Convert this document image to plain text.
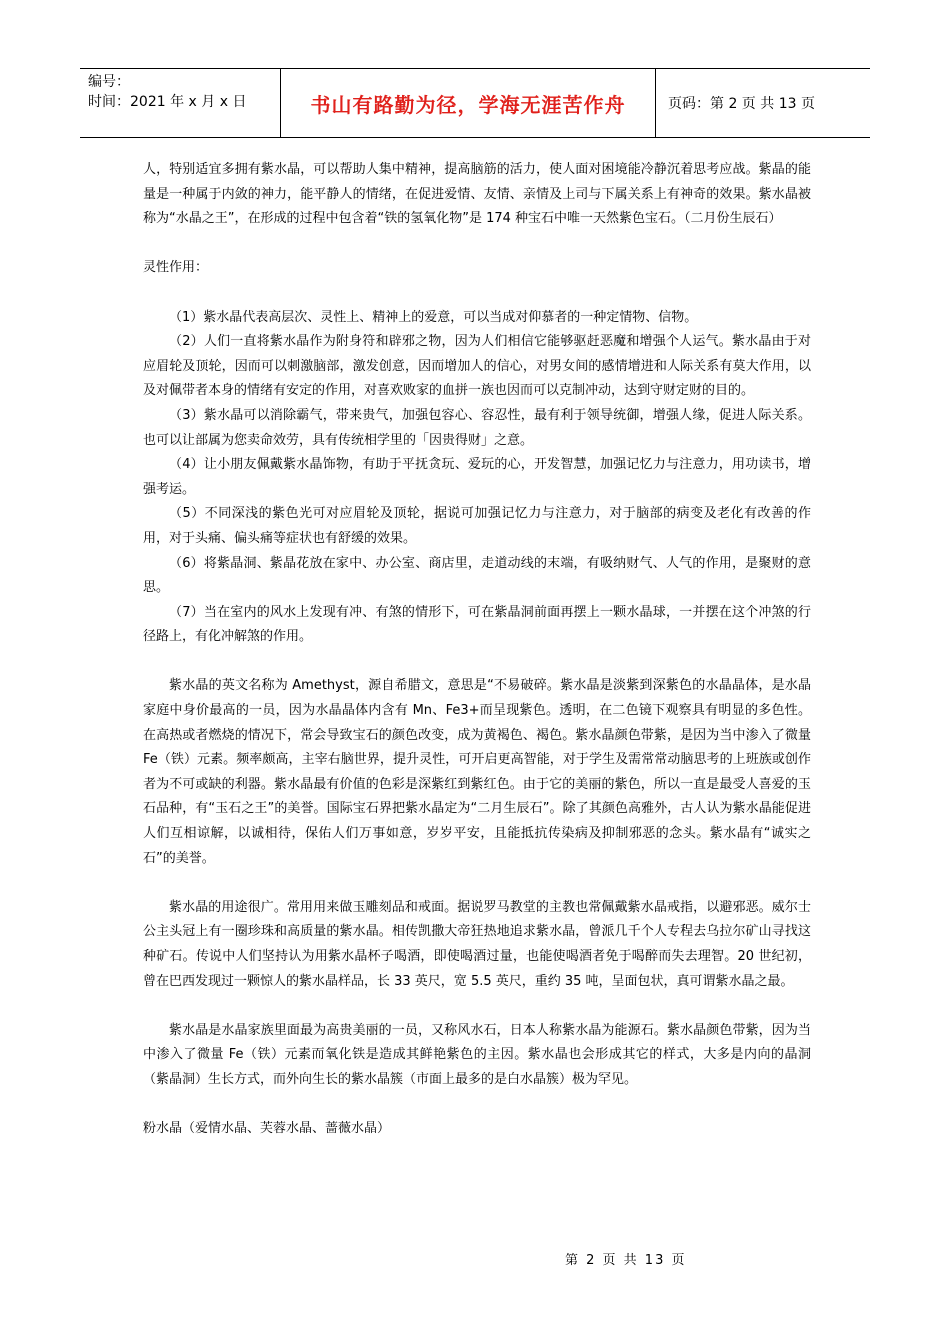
编号：
时间：2021 年 x 月 x 日	书山有路勤为径，学海无涯苦作舟	页码：第 2 页 共 13 页

人，特别适宜多拥有紫水晶，可以帮助人集中精神，提高脑筋的活力，使人面对困境能冷静沉着思考应战。紫晶的能量是一种属于内敛的神力，能平静人的情绪，在促进爱情、友情、亲情及上司与下属关系上有神奇的效果。紫水晶被称为“水晶之王”，在形成的过程中包含着“铁的氢氧化物”是 174 种宝石中唯一天然紫色宝石。（二月份生辰石）

灵性作用：

（1）紫水晶代表高层次、灵性上、精神上的爱意，可以当成对仰慕者的一种定情物、信物。

（2）人们一直将紫水晶作为附身符和辟邪之物，因为人们相信它能够驱赶恶魔和增强个人运气。紫水晶由于对应眉轮及顶轮，因而可以刺激脑部，激发创意，因而增加人的信心，对男女间的感情增进和人际关系有莫大作用，以及对佩带者本身的情绪有安定的作用，对喜欢败家的血拼一族也因而可以克制冲动，达到守财定财的目的。

（3）紫水晶可以消除霸气，带来贵气，加强包容心、容忍性，最有利于领导统御，增强人缘，促进人际关系。也可以让部属为您卖命效劳，具有传统相学里的「因贵得财」之意。

（4）让小朋友佩戴紫水晶饰物，有助于平抚贪玩、爱玩的心，开发智慧，加强记忆力与注意力，用功读书，增强考运。

（5）不同深浅的紫色光可对应眉轮及顶轮，据说可加强记忆力与注意力，对于脑部的病变及老化有改善的作用，对于头痛、偏头痛等症状也有舒缓的效果。

（6）将紫晶洞、紫晶花放在家中、办公室、商店里，走道动线的末端，有吸纳财气、人气的作用，是聚财的意思。

（7）当在室内的风水上发现有冲、有煞的情形下，可在紫晶洞前面再摆上一颗水晶球，一并摆在这个冲煞的行径路上，有化冲解煞的作用。

紫水晶的英文名称为 Amethyst，源自希腊文，意思是“不易破碎。紫水晶是淡紫到深紫色的水晶晶体，是水晶家庭中身价最高的一员，因为水晶晶体内含有 Mn、Fe3+而呈现紫色。透明，在二色镜下观察具有明显的多色性。在高热或者燃烧的情况下，常会导致宝石的颜色改变，成为黄褐色、褐色。紫水晶颜色带紫，是因为当中渗入了微量 Fe（铁）元素。频率颇高，主宰右脑世界，提升灵性，可开启更高智能，对于学生及需常常动脑思考的上班族或创作者为不可或缺的利器。紫水晶最有价值的色彩是深紫红到紫红色。由于它的美丽的紫色，所以一直是最受人喜爱的玉石品种，有“玉石之王”的美誉。国际宝石界把紫水晶定为“二月生辰石”。除了其颜色高雅外，古人认为紫水晶能促进人们互相谅解，以诚相待，保佑人们万事如意，岁岁平安，且能抵抗传染病及抑制邪恶的念头。紫水晶有“诚实之石”的美誉。

紫水晶的用途很广。常用用来做玉雕刻品和戒面。据说罗马教堂的主教也常佩戴紫水晶戒指，以避邪恶。威尔士公主头冠上有一圈珍珠和高质量的紫水晶。相传凯撒大帝狂热地追求紫水晶，曾派几千个人专程去乌拉尔矿山寻找这种矿石。传说中人们坚持认为用紫水晶杯子喝酒，即使喝酒过量，也能使喝酒者免于喝醉而失去理智。20 世纪初，曾在巴西发现过一颗惊人的紫水晶样品，长 33 英尺，宽 5.5 英尺，重约 35 吨，呈面包状，真可谓紫水晶之最。

紫水晶是水晶家族里面最为高贵美丽的一员，又称风水石，日本人称紫水晶为能源石。紫水晶颜色带紫，因为当中渗入了微量 Fe（铁）元素而氧化铁是造成其鲜艳紫色的主因。紫水晶也会形成其它的样式，大多是内向的晶洞（紫晶洞）生长方式，而外向生长的紫水晶簇（市面上最多的是白水晶簇）极为罕见。

粉水晶（爱情水晶、芙蓉水晶、蔷薇水晶）

第 2 页 共 13 页
